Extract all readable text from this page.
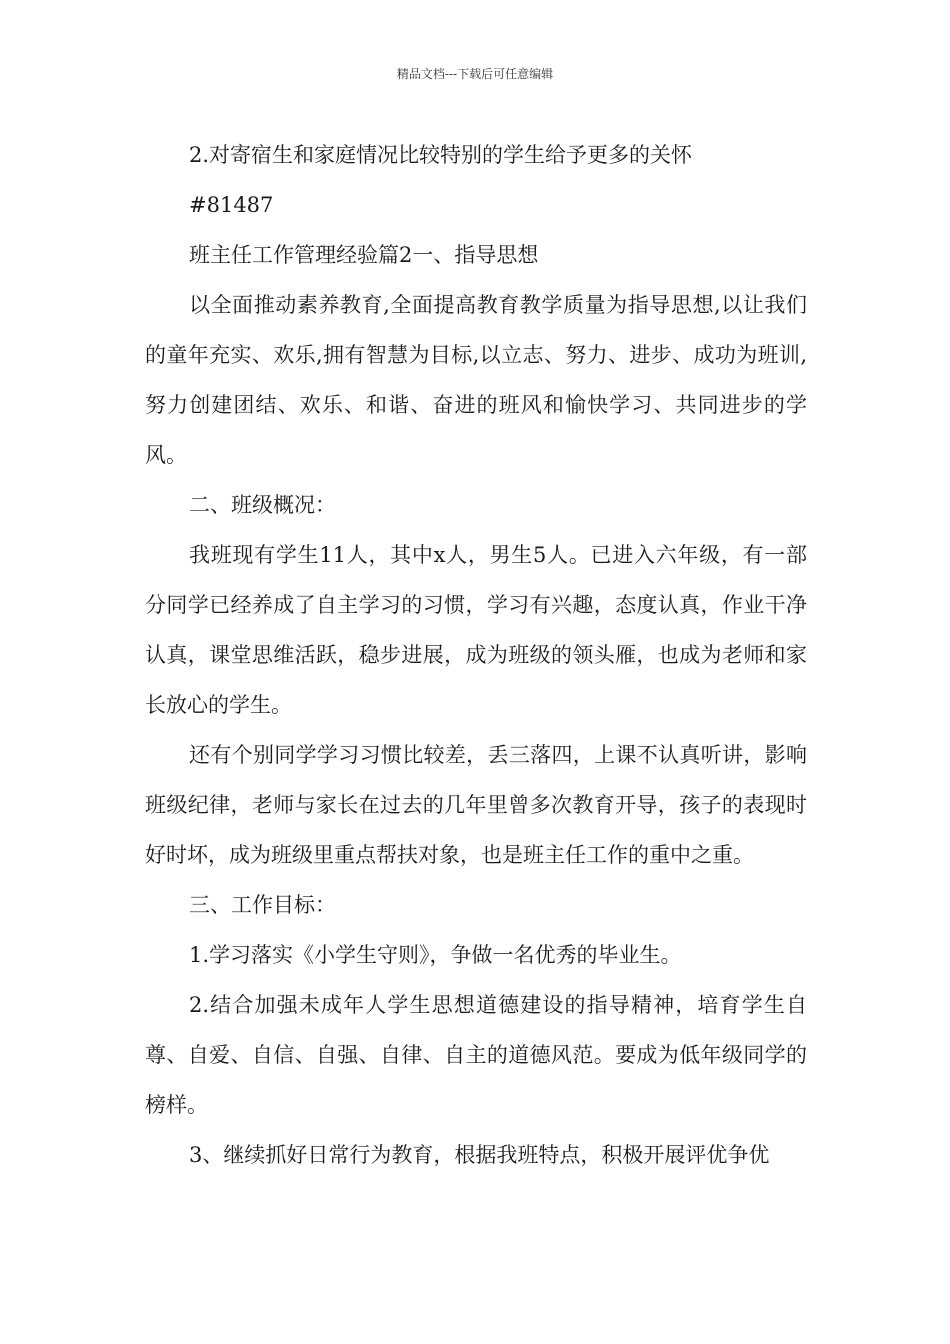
精品文档---下载后可任意编辑

2.对寄宿生和家庭情况比较特别的学生给予更多的关怀

#81487

班主任工作管理经验篇2一、指导思想

以全面推动素养教育,全面提高教育教学质量为指导思想,以让我们的童年充实、欢乐,拥有智慧为目标,以立志、努力、进步、成功为班训,努力创建团结、欢乐、和谐、奋进的班风和愉快学习、共同进步的学风。

二、班级概况：

我班现有学生11人，其中x人，男生5人。已进入六年级，有一部分同学已经养成了自主学习的习惯，学习有兴趣，态度认真，作业干净认真，课堂思维活跃，稳步进展，成为班级的领头雁，也成为老师和家长放心的学生。

还有个别同学学习习惯比较差，丢三落四，上课不认真听讲，影响班级纪律，老师与家长在过去的几年里曾多次教育开导，孩子的表现时好时坏，成为班级里重点帮扶对象，也是班主任工作的重中之重。

三、工作目标：

1.学习落实《小学生守则》，争做一名优秀的毕业生。

2.结合加强未成年人学生思想道德建设的指导精神，培育学生自尊、自爱、自信、自强、自律、自主的道德风范。要成为低年级同学的榜样。

3、继续抓好日常行为教育，根据我班特点，积极开展评优争优
